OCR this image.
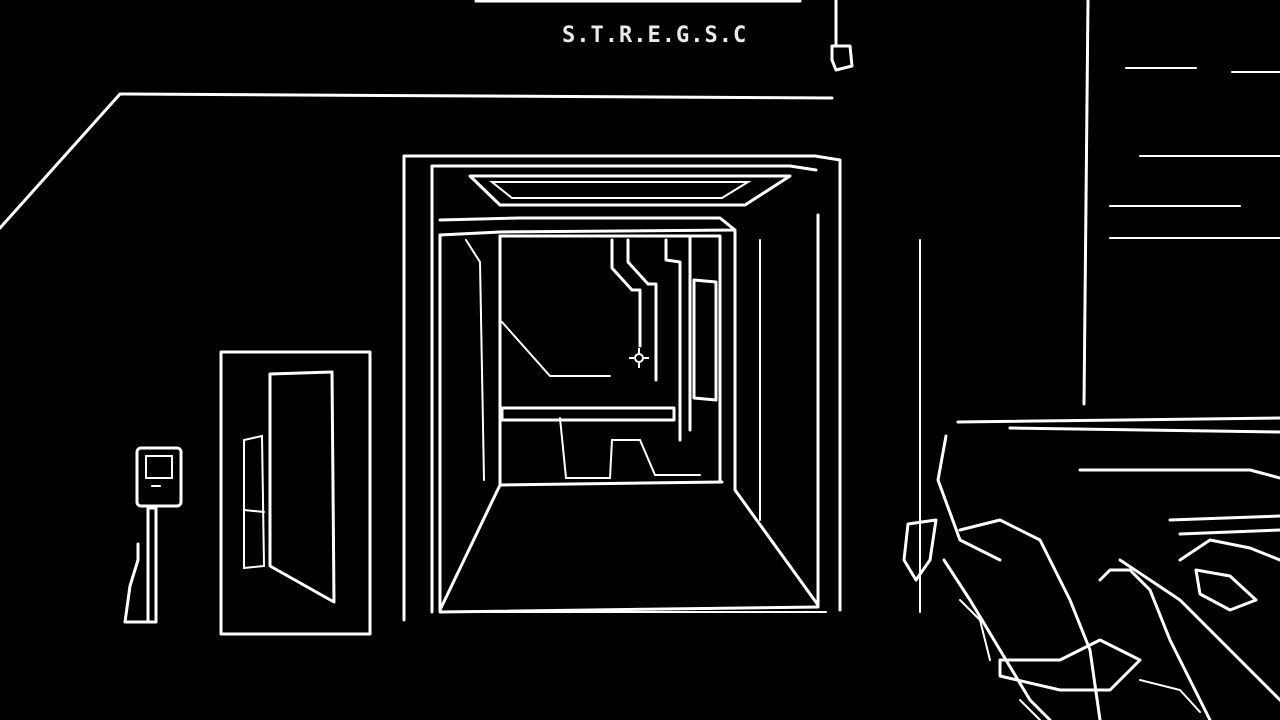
S.T.R.E.G.S.C
